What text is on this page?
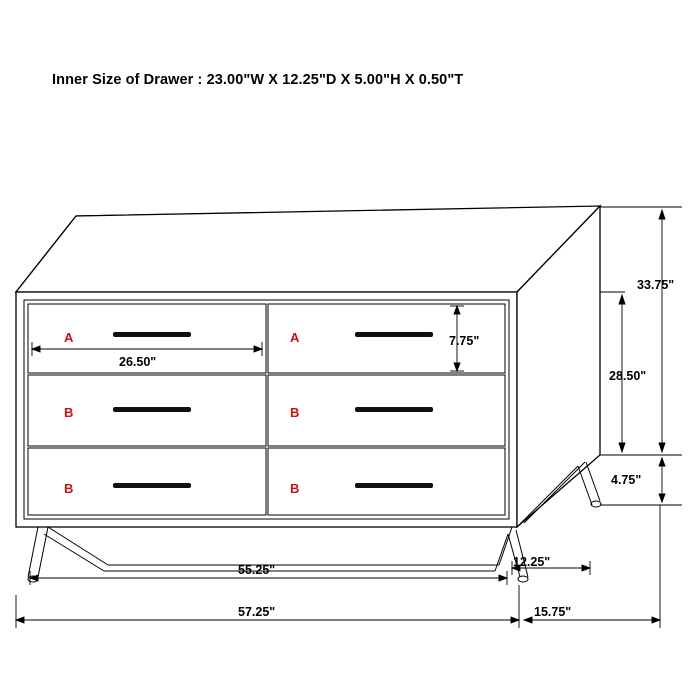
Inner Size of Drawer : 23.00"W X 12.25"D X 5.00"H X 0.50"T
A	A
B	B
B	B
26.50"
7.75"
33.75"
28.50"
4.75"
55.25"
12.25"
57.25"	15.75"
